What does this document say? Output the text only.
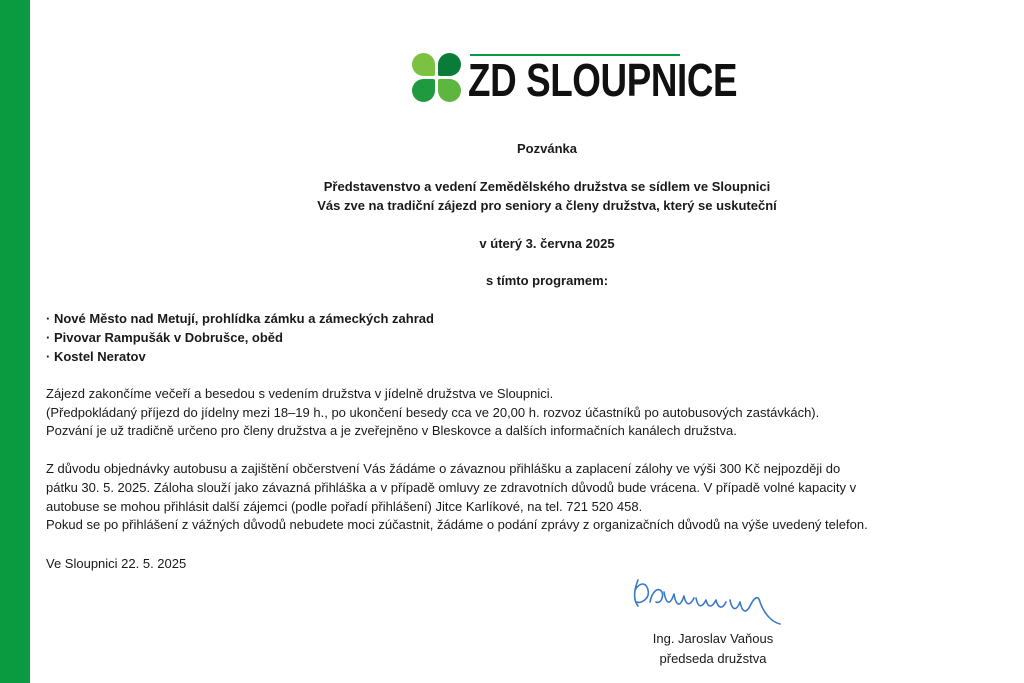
ZD SLOUPNICE
Pozvánka
Představenstvo a vedení Zemědělského družstva se sídlem ve Sloupnici
Vás zve na tradiční zájezd pro seniory a členy družstva, který se uskuteční
v úterý 3. června 2025
s tímto programem:
· Nové Město nad Metují, prohlídka zámku a zámeckých zahrad
· Pivovar Rampušák v Dobrušce, oběd
· Kostel Neratov
Zájezd zakončíme večeří a besedou s vedením družstva v jídelně družstva ve Sloupnici.
(Předpokládaný příjezd do jídelny mezi 18–19 h., po ukončení besedy cca ve 20,00 h. rozvoz účastníků po autobusových zastávkách).
Pozvání je už tradičně určeno pro členy družstva a je zveřejněno v Bleskovce a dalších informačních kanálech družstva.
Z důvodu objednávky autobusu a zajištění občerstvení Vás žádáme o závaznou přihlášku a zaplacení zálohy ve výši 300 Kč nejpozději do
pátku 30. 5. 2025. Záloha slouží jako závazná přihláška a v případě omluvy ze zdravotních důvodů bude vrácena. V případě volné kapacity v
autobuse se mohou přihlásit další zájemci (podle pořadí přihlášení) Jitce Karlíkové, na tel. 721 520 458.
Pokud se po přihlášení z vážných důvodů nebudete moci zúčastnit, žádáme o podání zprávy z organizačních důvodů na výše uvedený telefon.
Ve Sloupnici 22. 5. 2025
Ing. Jaroslav Vaňous
předseda družstva
